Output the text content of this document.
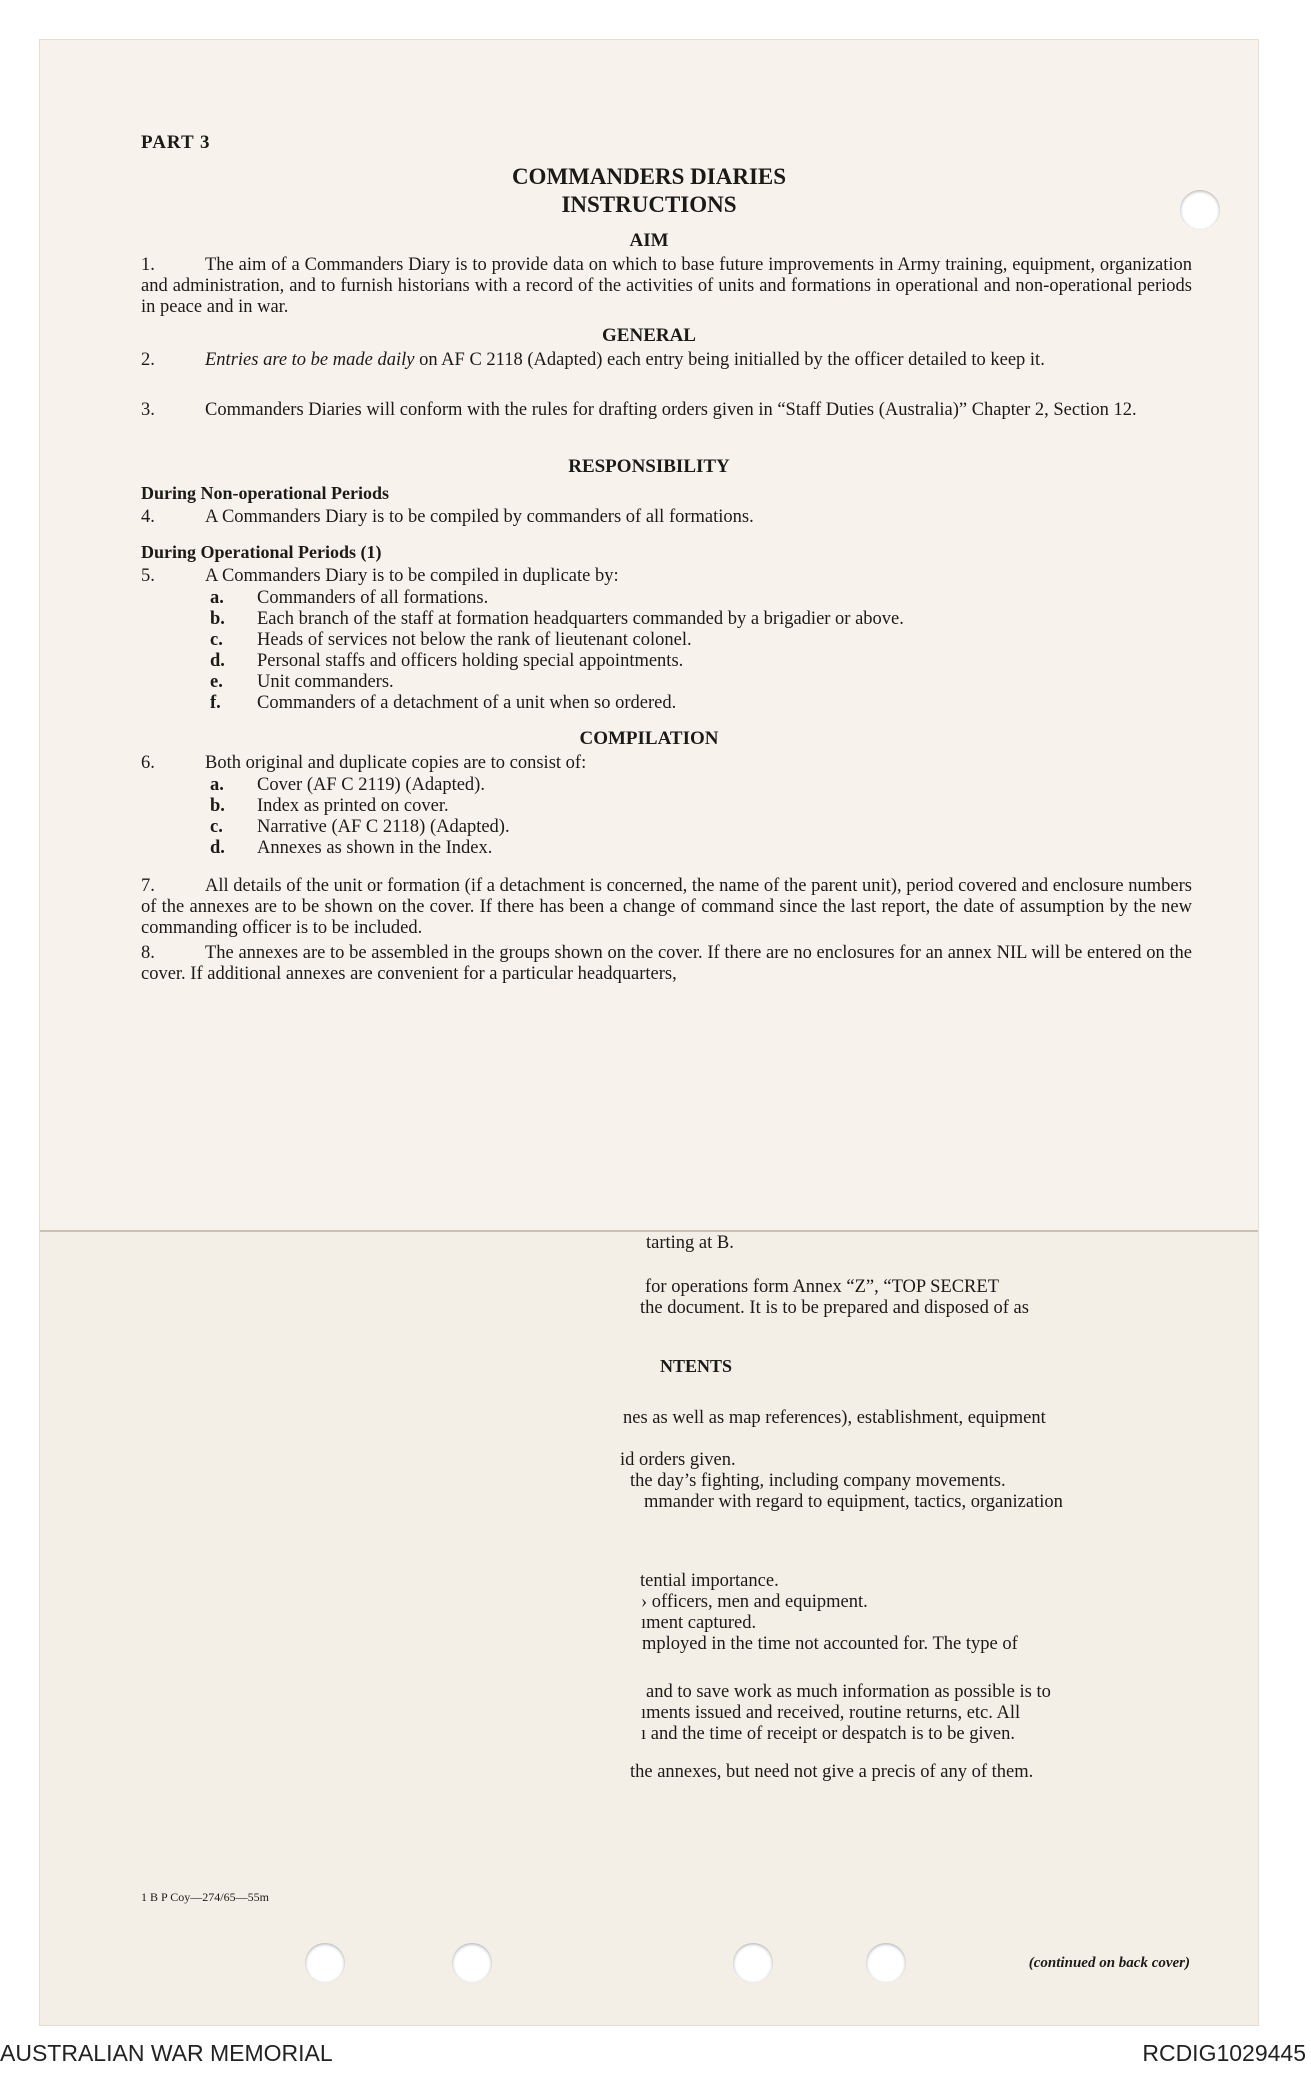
PART 3
COMMANDERS DIARIES
INSTRUCTIONS
AIM
1.	The aim of a Commanders Diary is to provide data on which to base future improvements in Army training, equipment, organization and administration, and to furnish historians with a record of the activities of units and formations in operational and non-operational periods in peace and in war.
GENERAL
2.	Entries are to be made daily on AF C 2118 (Adapted) each entry being initialled by the officer detailed to keep it.
3.	Commanders Diaries will conform with the rules for drafting orders given in “Staff Duties (Australia)” Chapter 2, Section 12.
RESPONSIBILITY
During Non-operational Periods
4.	A Commanders Diary is to be compiled by commanders of all formations.
During Operational Periods (1)
5.	A Commanders Diary is to be compiled in duplicate by:
a. Commanders of all formations.
b. Each branch of the staff at formation headquarters commanded by a brigadier or above.
c. Heads of services not below the rank of lieutenant colonel.
d. Personal staffs and officers holding special appointments.
e. Unit commanders.
f. Commanders of a detachment of a unit when so ordered.
COMPILATION
6.	Both original and duplicate copies are to consist of:
a. Cover (AF C 2119) (Adapted).
b. Index as printed on cover.
c. Narrative (AF C 2118) (Adapted).
d. Annexes as shown in the Index.
7.	All details of the unit or formation (if a detachment is concerned, the name of the parent unit), period covered and enclosure numbers of the annexes are to be shown on the cover. If there has been a change of command since the last report, the date of assumption by the new commanding officer is to be included.
8.	The annexes are to be assembled in the groups shown on the cover. If there are no enclosures for an annex NIL will be entered on the cover. If additional annexes are convenient for a particular headquarters,
tarting at B.
for operations form Annex “Z”, “TOP SECRET
the document. It is to be prepared and disposed of as
NTENTS
nes as well as map references), establishment, equipment
id orders given.
the day’s fighting, including company movements.
mmander with regard to equipment, tactics, organization
tential importance.
› officers, men and equipment.
ıment captured.
mployed in the time not accounted for. The type of
and to save work as much information as possible is to
ıments issued and received, routine returns, etc. All
ı and the time of receipt or despatch is to be given.
the annexes, but need not give a precis of any of them.
1 B P Coy—274/65—55m
(continued on back cover)
AUSTRALIAN WAR MEMORIAL	RCDIG1029445
